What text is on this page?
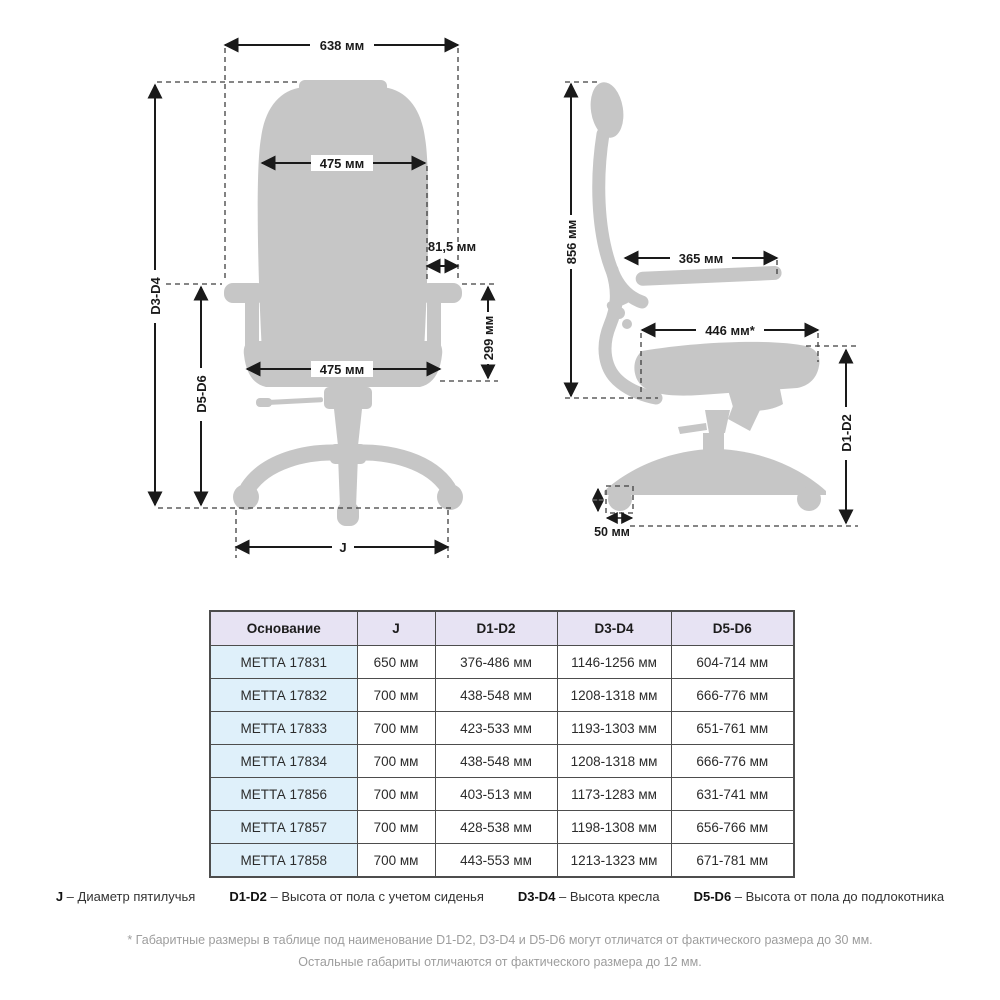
638 мм
475 мм
81,5 мм
D3-D4
D5-D6
299 мм
475 мм
J
856 мм	365 мм
446 мм*
D1-D2
50 мм
Основание	J	D1-D2	D3-D4	D5-D6
МЕТТА 17831	650 мм	376-486 мм	1146-1256 мм	604-714 мм
МЕТТА 17832	700 мм	438-548 мм	1208-1318 мм	666-776 мм
МЕТТА 17833	700 мм	423-533 мм	1193-1303 мм	651-761 мм
МЕТТА 17834	700 мм	438-548 мм	1208-1318 мм	666-776 мм
МЕТТА 17856	700 мм	403-513 мм	1173-1283 мм	631-741 мм
МЕТТА 17857	700 мм	428-538 мм	1198-1308 мм	656-766 мм
МЕТТА 17858	700 мм	443-553 мм	1213-1323 мм	671-781 мм
J – Диаметр пятилучья	D1-D2 – Высота от пола с учетом сиденья	D3-D4 – Высота кресла	D5-D6 – Высота от пола до подлокотника
* Габаритные размеры в таблице под наименование D1-D2, D3-D4 и D5-D6 могут отличатся от фактического размера до 30 мм.
Остальные габариты отличаются от фактического размера до 12 мм.
